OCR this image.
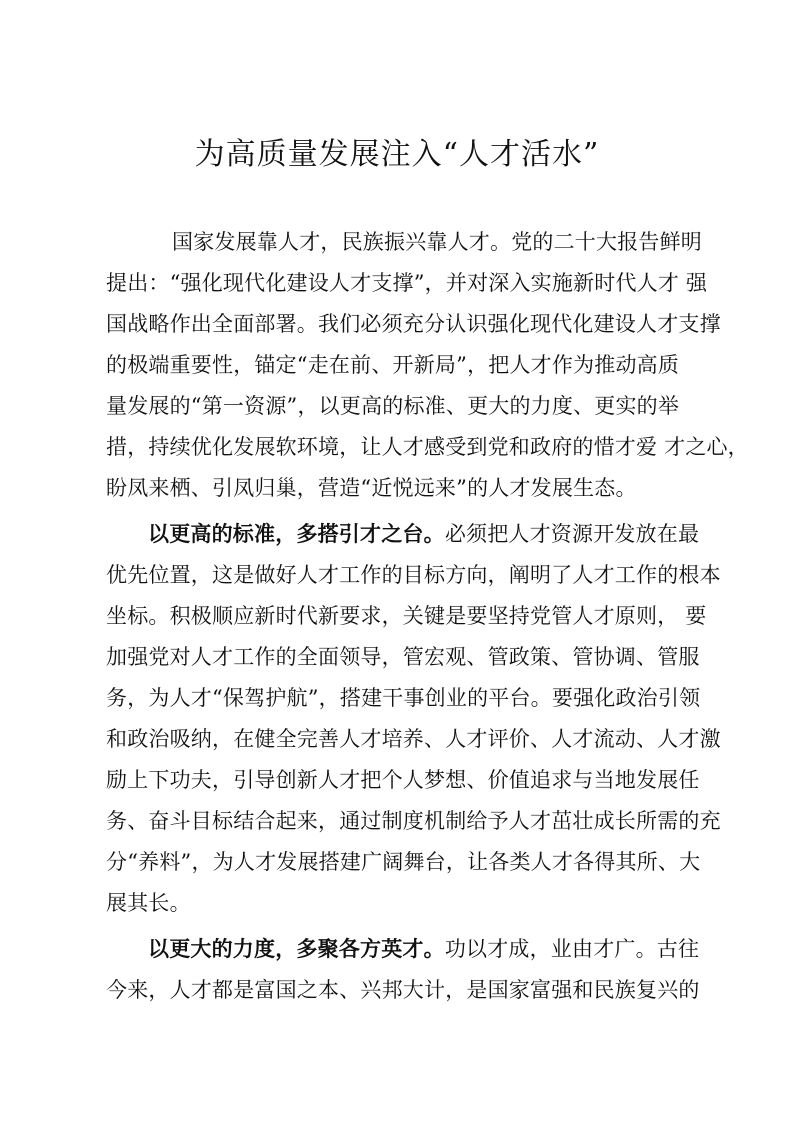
为高质量发展注入“人才活水”

国家发展靠人才，民族振兴靠人才。党的二十大报告鲜明
提出：“强化现代化建设人才支撑”，并对深入实施新时代人才 强
国战略作出全面部署。我们必须充分认识强化现代化建设人才支撑
的极端重要性，锚定“走在前、开新局”，把人才作为推动高质
量发展的“第一资源”，以更高的标准、更大的力度、更实的举
措，持续优化发展软环境，让人才感受到党和政府的惜才爱 才之心，
盼凤来栖、引凤归巢，营造“近悦远来”的人才发展生态。

以更高的标准，多搭引才之台。必须把人才资源开发放在最
优先位置，这是做好人才工作的目标方向，阐明了人才工作的根本
坐标。积极顺应新时代新要求，关键是要坚持党管人才原则， 要
加强党对人才工作的全面领导，管宏观、管政策、管协调、管服
务，为人才“保驾护航”，搭建干事创业的平台。要强化政治引领
和政治吸纳，在健全完善人才培养、人才评价、人才流动、人才激
励上下功夫，引导创新人才把个人梦想、价值追求与当地发展任
务、奋斗目标结合起来，通过制度机制给予人才茁壮成长所需的充
分“养料”，为人才发展搭建广阔舞台，让各类人才各得其所、大
展其长。

以更大的力度，多聚各方英才。功以才成，业由才广。古往
今来，人才都是富国之本、兴邦大计，是国家富强和民族复兴的
